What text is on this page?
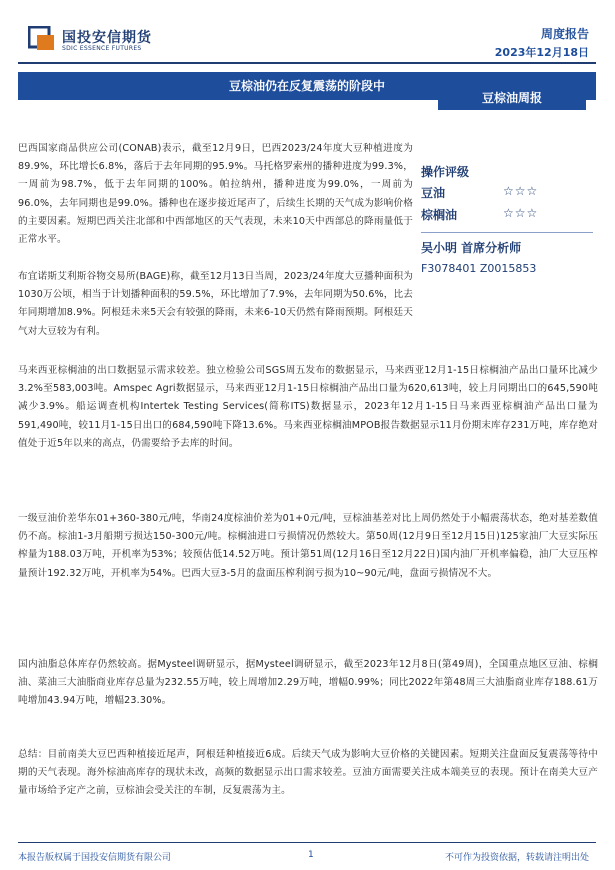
国投安信期货
SDIC ESSENCE FUTURES
周度报告
2023年12月18日
豆棕油仍在反复震荡的阶段中
豆棕油周报

巴西国家商品供应公司(CONAB)表示，截至12月9日，巴西2023/24年度大豆种植进度为89.9%，环比增长6.8%，落后于去年同期的95.9%。马托格罗索州的播种进度为99.3%，一周前为98.7%，低于去年同期的100%。帕拉纳州，播种进度为99.0%，一周前为96.0%，去年同期也是99.0%。播种也在逐步接近尾声了，后续生长期的天气成为影响价格的主要因素。短期巴西关注北部和中西部地区的天气表现，未来10天中西部总的降雨量低于正常水平。

布宜诺斯艾利斯谷物交易所(BAGE)称，截至12月13日当周，2023/24年度大豆播种面积为1030万公顷，相当于计划播种面积的59.5%，环比增加了7.9%，去年同期为50.6%，比去年同期增加8.9%。阿根廷未来5天会有较强的降雨，未来6-10天仍然有降雨预期。阿根廷天气对大豆较为有利。

马来西亚棕榈油的出口数据显示需求较差。独立检验公司SGS周五发布的数据显示，马来西亚12月1-15日棕榈油产品出口量环比减少3.2%至583,003吨。Amspec Agri数据显示，马来西亚12月1-15日棕榈油产品出口量为620,613吨，较上月同期出口的645,590吨减少3.9%。船运调查机构Intertek Testing Services(简称ITS)数据显示，2023年12月1-15日马来西亚棕榈油产品出口量为591,490吨，较11月1-15日出口的684,590吨下降13.6%。马来西亚棕榈油MPOB报告数据显示11月份期末库存231万吨，库存绝对值处于近5年以来的高点，仍需要给予去库的时间。

一级豆油价差华东01+360-380元/吨，华南24度棕油价差为01+0元/吨，豆棕油基差对比上周仍然处于小幅震荡状态，绝对基差数值仍不高。棕油1-3月船期亏损达150-300元/吨。棕榈油进口亏损情况仍然较大。第50周(12月9日至12月15日)125家油厂大豆实际压榨量为188.03万吨，开机率为53%；较预估低14.52万吨。预计第51周(12月16日至12月22日)国内油厂开机率偏稳，油厂大豆压榨量预计192.32万吨，开机率为54%。巴西大豆3-5月的盘面压榨利润亏损为10~90元/吨，盘面亏损情况不大。

国内油脂总体库存仍然较高。据Mysteel调研显示，据Mysteel调研显示，截至2023年12月8日(第49周)，全国重点地区豆油、棕榈油、菜油三大油脂商业库存总量为232.55万吨，较上周增加2.29万吨，增幅0.99%；同比2022年第48周三大油脂商业库存188.61万吨增加43.94万吨，增幅23.30%。

总结：目前南美大豆巴西种植接近尾声，阿根廷种植接近6成。后续天气成为影响大豆价格的关键因素。短期关注盘面反复震荡等待中期的天气表现。海外棕油高库存的现状未改，高频的数据显示出口需求较差。豆油方面需要关注成本端美豆的表现。预计在南美大豆产量市场给予定产之前，豆棕油会受关注的车制，反复震荡为主。

操作评级
豆油	☆☆☆
棕榈油	☆☆☆
吴小明 首席分析师
F3078401 Z0015853
本报告版权属于国投安信期货有限公司	1	不可作为投资依据，转载请注明出处
